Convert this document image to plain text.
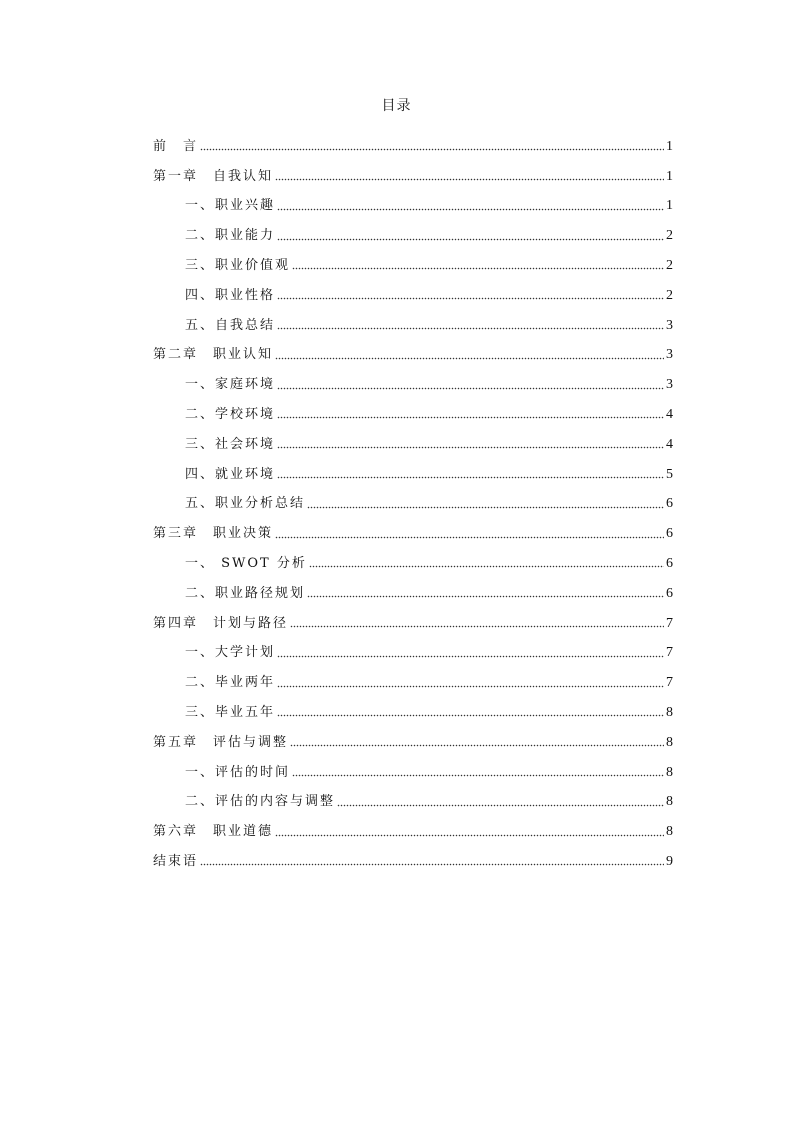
目录
前　言	1
第一章　自我认知	1
一、职业兴趣	1
二、职业能力	2
三、职业价值观	2
四、职业性格	2
五、自我总结	3
第二章　职业认知	3
一、家庭环境	3
二、学校环境	4
三、社会环境	4
四、就业环境	5
五、职业分析总结	6
第三章　职业决策	6
一、 SWOT 分析	6
二、职业路径规划	6
第四章　计划与路径	7
一、大学计划	7
二、毕业两年	7
三、毕业五年	8
第五章　评估与调整	8
一、评估的时间	8
二、评估的内容与调整	8
第六章　职业道德	8
结束语	9
